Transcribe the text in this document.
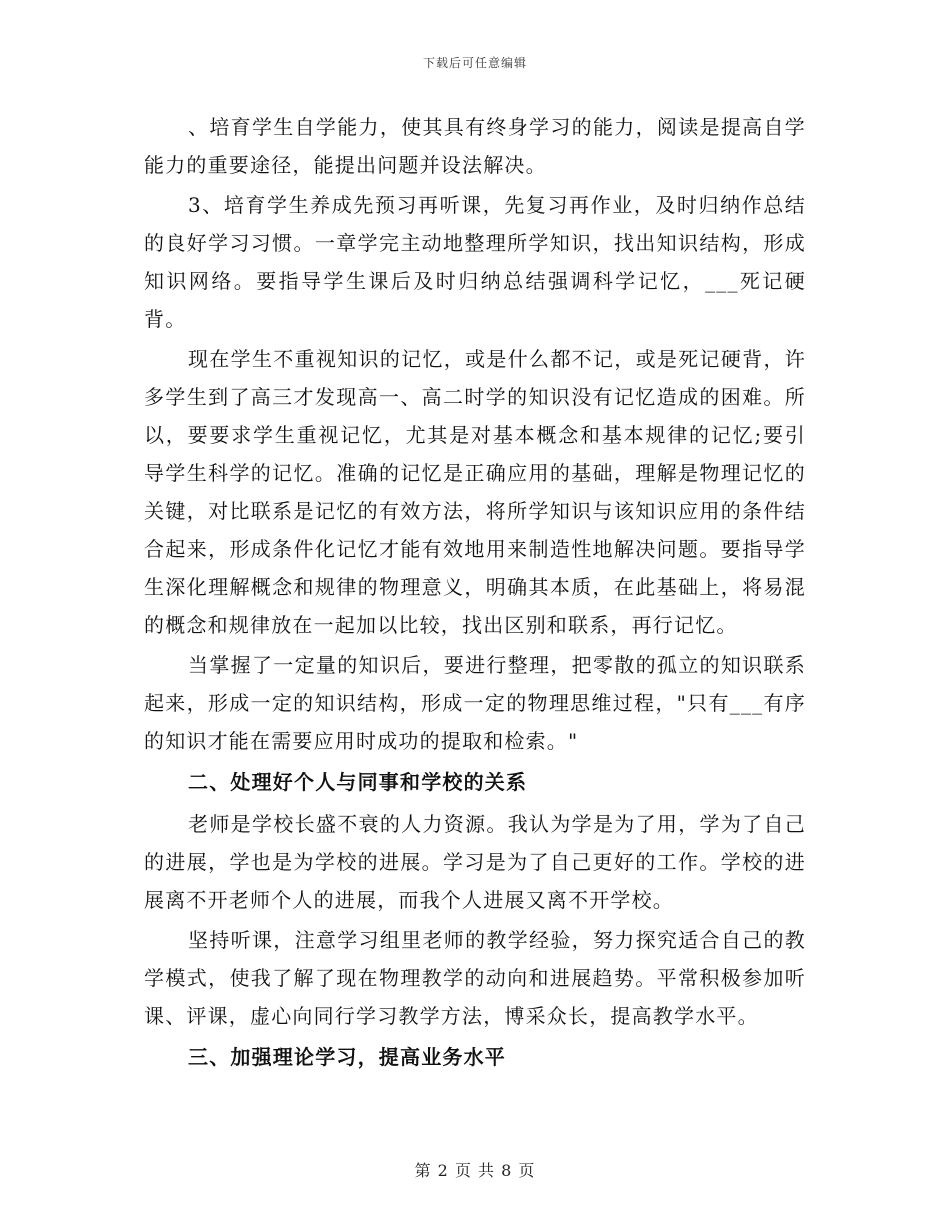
下载后可任意编辑

、培育学生自学能力，使其具有终身学习的能力，阅读是提高自学能力的重要途径，能提出问题并设法解决。

3、培育学生养成先预习再听课，先复习再作业，及时归纳作总结的良好学习习惯。一章学完主动地整理所学知识，找出知识结构，形成知识网络。要指导学生课后及时归纳总结强调科学记忆，___死记硬背。

现在学生不重视知识的记忆，或是什么都不记，或是死记硬背，许多学生到了高三才发现高一、高二时学的知识没有记忆造成的困难。所以，要要求学生重视记忆，尤其是对基本概念和基本规律的记忆;要引导学生科学的记忆。准确的记忆是正确应用的基础，理解是物理记忆的关键，对比联系是记忆的有效方法，将所学知识与该知识应用的条件结合起来，形成条件化记忆才能有效地用来制造性地解决问题。要指导学生深化理解概念和规律的物理意义，明确其本质，在此基础上，将易混的概念和规律放在一起加以比较，找出区别和联系，再行记忆。

当掌握了一定量的知识后，要进行整理，把零散的孤立的知识联系起来，形成一定的知识结构，形成一定的物理思维过程，"只有___有序的知识才能在需要应用时成功的提取和检索。"

二、处理好个人与同事和学校的关系

老师是学校长盛不衰的人力资源。我认为学是为了用，学为了自己的进展，学也是为学校的进展。学习是为了自己更好的工作。学校的进展离不开老师个人的进展，而我个人进展又离不开学校。

坚持听课，注意学习组里老师的教学经验，努力探究适合自己的教学模式，使我了解了现在物理教学的动向和进展趋势。平常积极参加听课、评课，虚心向同行学习教学方法，博采众长，提高教学水平。

三、加强理论学习，提高业务水平
第 2 页 共 8 页
